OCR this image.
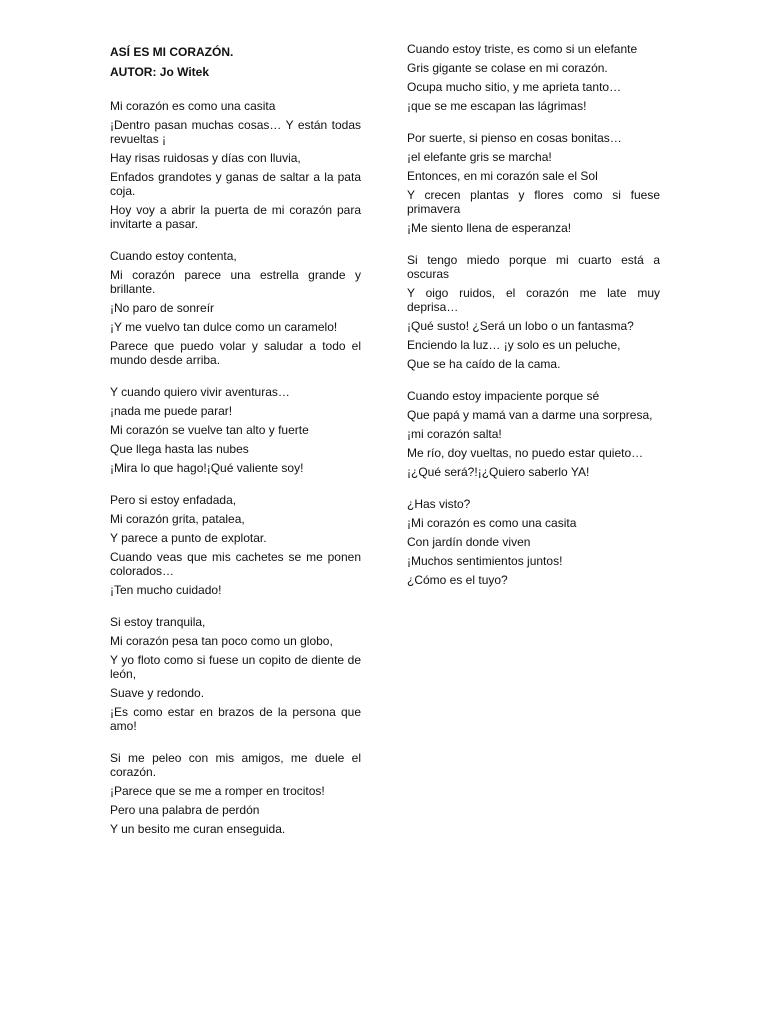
ASÍ ES MI CORAZÓN.

AUTOR: Jo Witek

Mi corazón es como una casita

¡Dentro pasan muchas cosas… Y están todas revueltas ¡

Hay risas ruidosas y días con lluvia,

Enfados grandotes y ganas de saltar a la pata coja.

Hoy voy a abrir la puerta de mi corazón para invitarte a pasar.

Cuando estoy contenta,

Mi corazón parece una estrella grande y brillante.

¡No paro de sonreír

¡Y me vuelvo tan dulce como un caramelo!

Parece que puedo volar y saludar a todo el mundo desde arriba.

Y cuando quiero vivir aventuras…

¡nada me puede parar!

Mi corazón se vuelve tan alto y fuerte

Que llega hasta las nubes

¡Mira lo que hago!¡Qué valiente soy!

Pero si estoy enfadada,

Mi corazón grita, patalea,

Y parece a punto de explotar.

Cuando veas que mis cachetes se me ponen colorados…

¡Ten mucho cuidado!

Si estoy tranquila,

Mi corazón pesa tan poco como un globo,

Y yo floto como si fuese un copito de diente de león,

Suave y redondo.

¡Es como estar en brazos de la persona que amo!

Si me peleo con mis amigos, me duele el corazón.

¡Parece que se me a romper en trocitos!

Pero una palabra de perdón

Y un besito me curan enseguida.

Cuando estoy triste, es como si un elefante

Gris gigante se colase en mi corazón.

Ocupa mucho sitio, y me aprieta tanto…

¡que se me escapan las lágrimas!

Por suerte, si pienso en cosas bonitas…

¡el elefante gris se marcha!

Entonces, en mi corazón sale el Sol

Y crecen plantas y flores como si fuese primavera

¡Me siento llena de esperanza!

Si tengo miedo porque mi cuarto está a oscuras

Y oigo ruidos, el corazón me late muy deprisa…

¡Qué susto! ¿Será un lobo o un fantasma?

Enciendo la luz… ¡y solo es un peluche,

Que se ha caído de la cama.

Cuando estoy impaciente porque sé

Que papá y mamá van a darme una sorpresa,

¡mi corazón salta!

Me río, doy vueltas, no puedo estar quieto…

¡¿Qué será?!¡¿Quiero saberlo YA!

¿Has visto?

¡Mi corazón es como una casita

Con jardín donde viven

¡Muchos sentimientos juntos!

¿Cómo es el tuyo?
